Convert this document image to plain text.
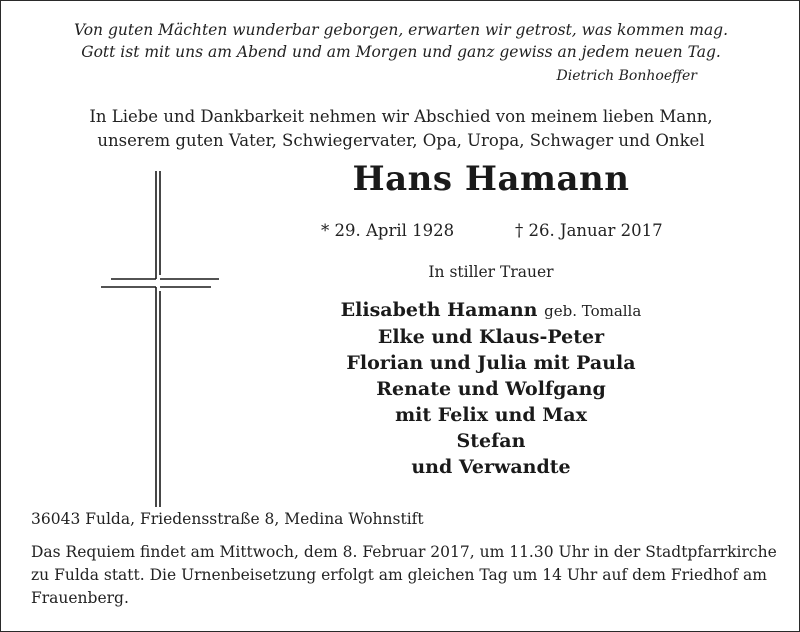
Von guten Mächten wunderbar geborgen, erwarten wir getrost, was kommen mag.
Gott ist mit uns am Abend und am Morgen und ganz gewiss an jedem neuen Tag.
Dietrich Bonhoeffer
In Liebe und Dankbarkeit nehmen wir Abschied von meinem lieben Mann,
unserem guten Vater, Schwiegervater, Opa, Uropa, Schwager und Onkel
Hans Hamann
* 29. April 1928	† 26. Januar 2017
In stiller Trauer
Elisabeth Hamann geb. Tomalla
Elke und Klaus-Peter
Florian und Julia mit Paula
Renate und Wolfgang
mit Felix und Max
Stefan
und Verwandte
36043 Fulda, Friedensstraße 8, Medina Wohnstift
Das Requiem findet am Mittwoch, dem 8. Februar 2017, um 11.30 Uhr in der Stadtpfarrkirche
zu Fulda statt. Die Urnenbeisetzung erfolgt am gleichen Tag um 14 Uhr auf dem Friedhof am
Frauenberg.
